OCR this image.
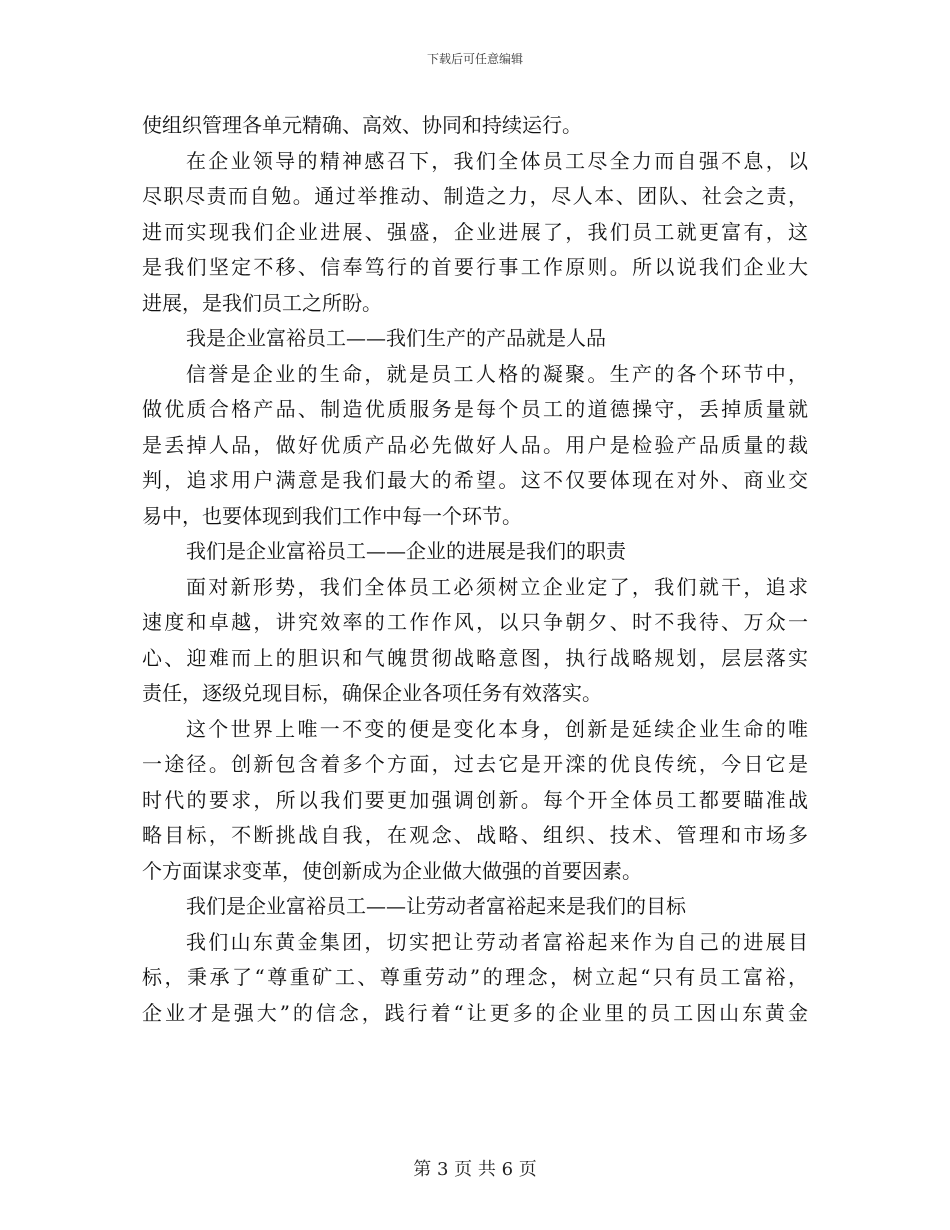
下载后可任意编辑
使组织管理各单元精确、高效、协同和持续运行。
在企业领导的精神感召下，我们全体员工尽全力而自强不息，以
尽职尽责而自勉。通过举推动、制造之力，尽人本、团队、社会之责，
进而实现我们企业进展、强盛，企业进展了，我们员工就更富有，这
是我们坚定不移、信奉笃行的首要行事工作原则。所以说我们企业大
进展，是我们员工之所盼。
我是企业富裕员工——我们生产的产品就是人品
信誉是企业的生命，就是员工人格的凝聚。生产的各个环节中，
做优质合格产品、制造优质服务是每个员工的道德操守，丢掉质量就
是丢掉人品，做好优质产品必先做好人品。用户是检验产品质量的裁
判，追求用户满意是我们最大的希望。这不仅要体现在对外、商业交
易中，也要体现到我们工作中每一个环节。
我们是企业富裕员工——企业的进展是我们的职责
面对新形势，我们全体员工必须树立企业定了，我们就干，追求
速度和卓越，讲究效率的工作作风，以只争朝夕、时不我待、万众一
心、迎难而上的胆识和气魄贯彻战略意图，执行战略规划，层层落实
责任，逐级兑现目标，确保企业各项任务有效落实。
这个世界上唯一不变的便是变化本身，创新是延续企业生命的唯
一途径。创新包含着多个方面，过去它是开滦的优良传统，今日它是
时代的要求，所以我们要更加强调创新。每个开全体员工都要瞄准战
略目标，不断挑战自我，在观念、战略、组织、技术、管理和市场多
个方面谋求变革，使创新成为企业做大做强的首要因素。
我们是企业富裕员工——让劳动者富裕起来是我们的目标
我们山东黄金集团，切实把让劳动者富裕起来作为自己的进展目
标，秉承了“尊重矿工、尊重劳动”的理念，树立起“只有员工富裕，
企业才是强大”的信念，践行着“让更多的企业里的员工因山东黄金
第 3 页 共 6 页
